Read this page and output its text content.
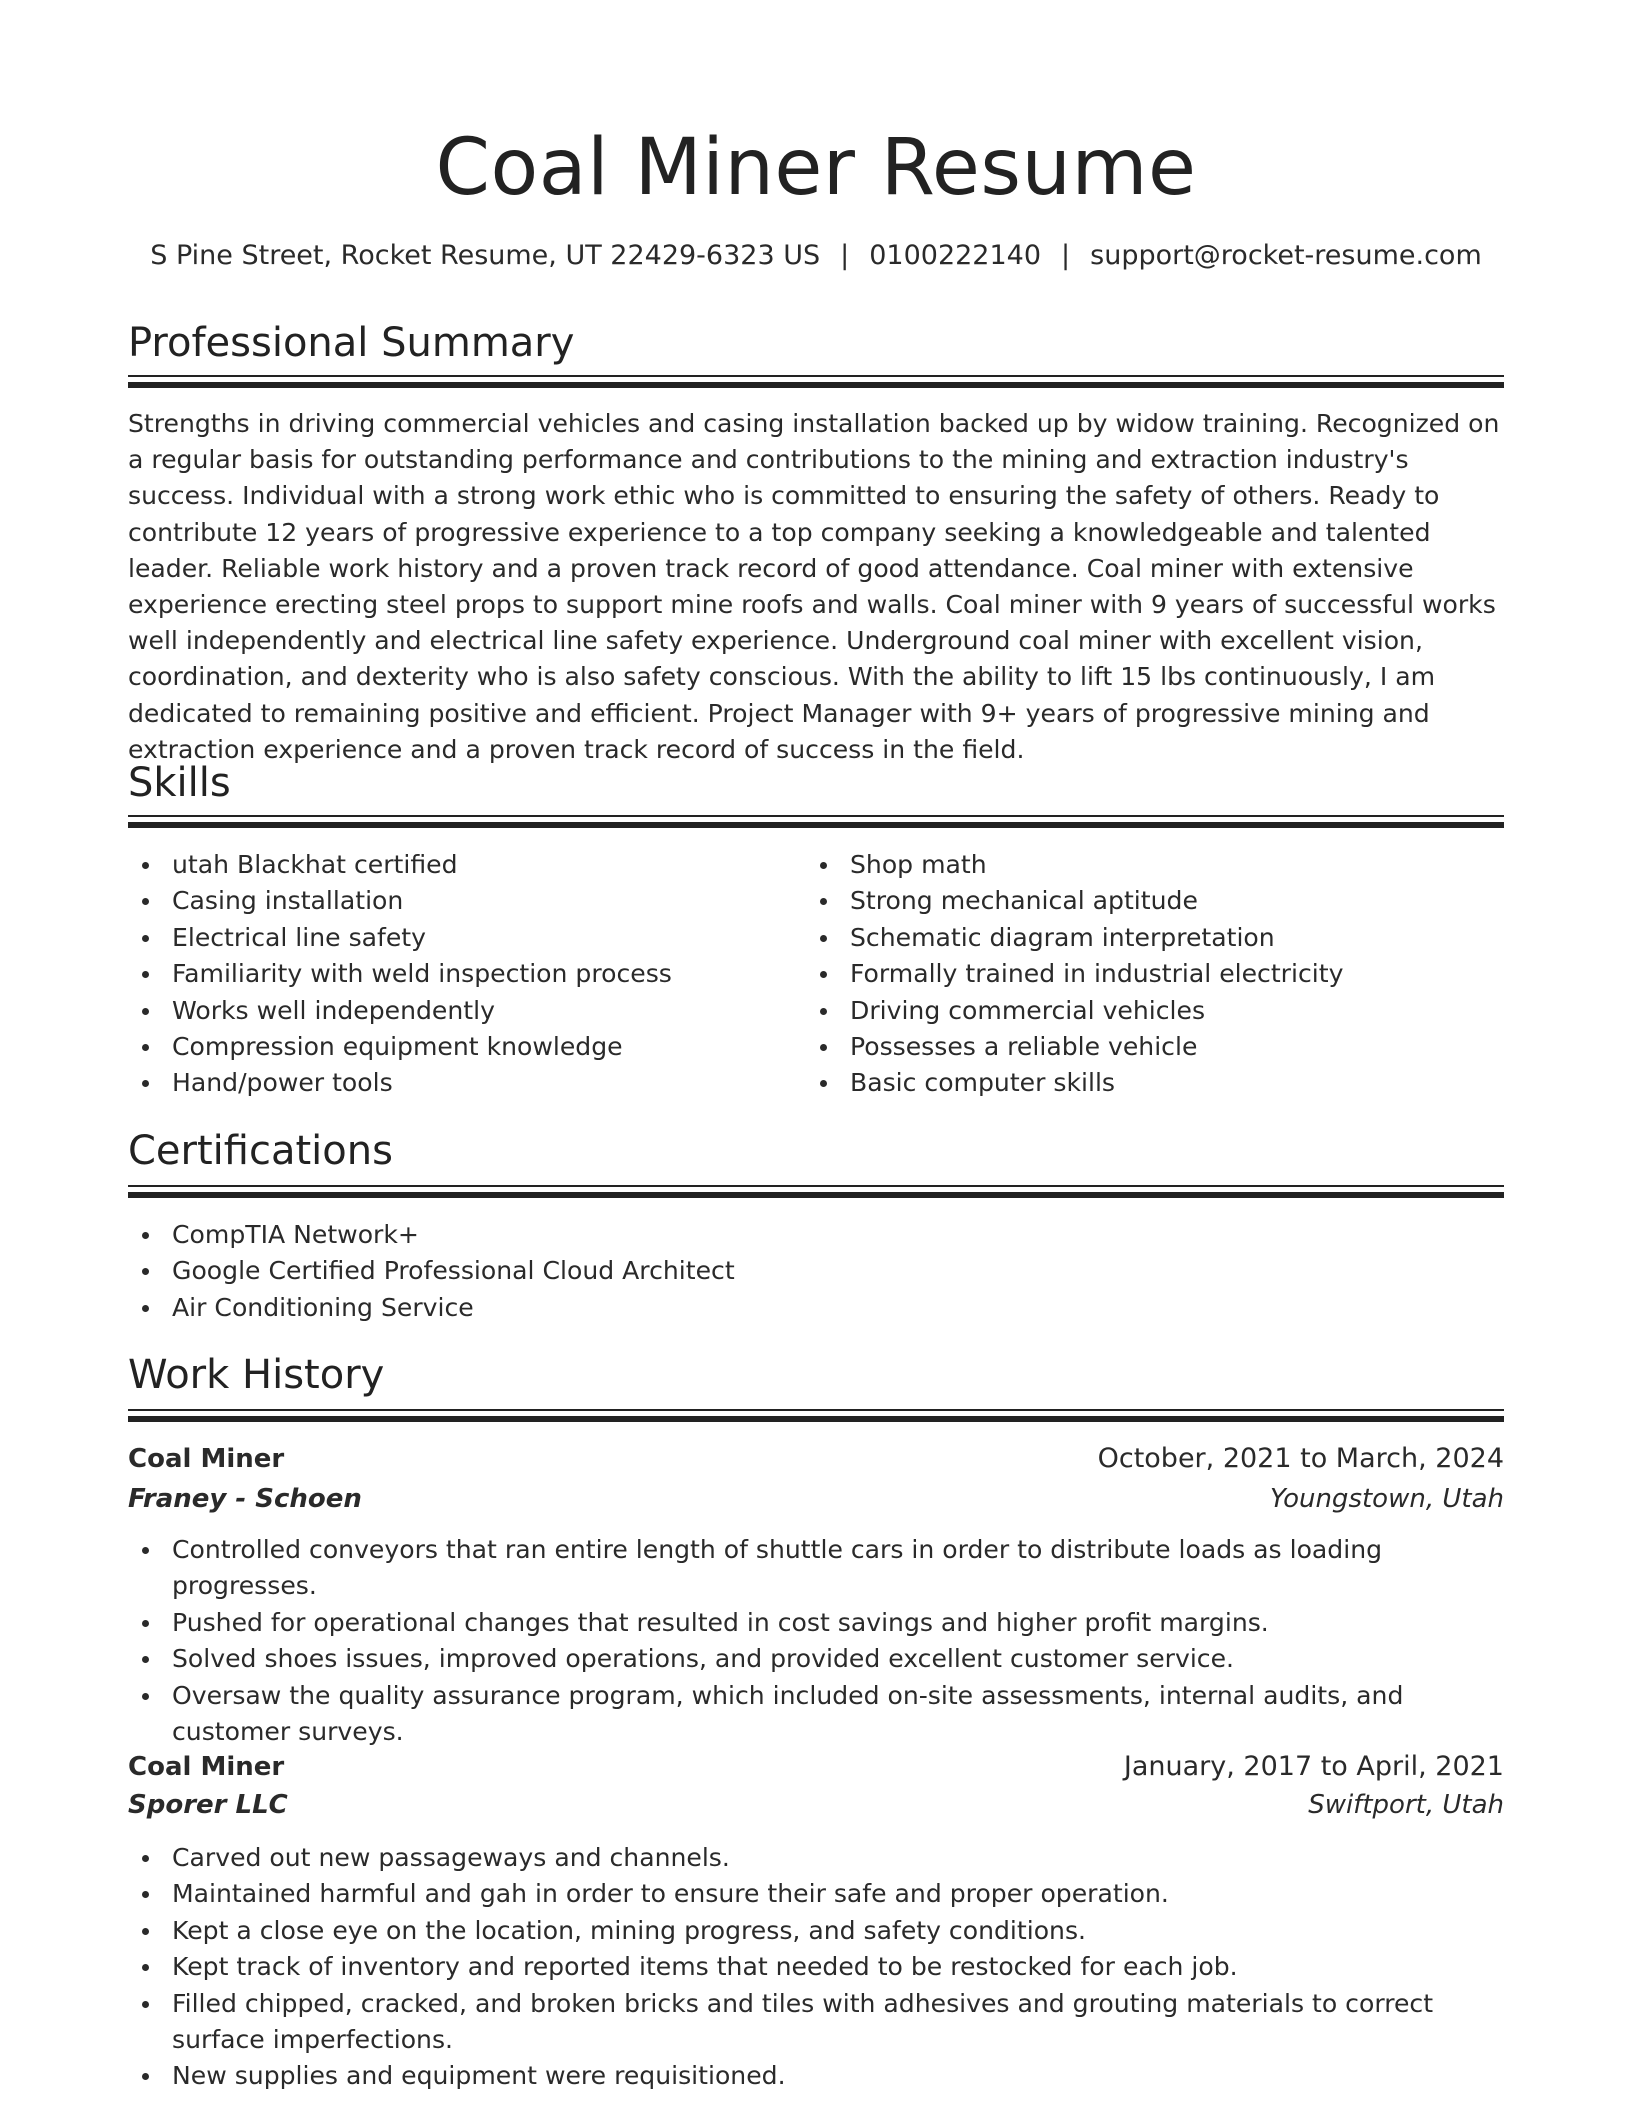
Coal Miner Resume
S Pine Street, Rocket Resume, UT 22429-6323 US | 0100222140 | support@rocket-resume.com
Professional Summary

Strengths in driving commercial vehicles and casing installation backed up by widow training. Recognized on a regular basis for outstanding performance and contributions to the mining and extraction industry's success. Individual with a strong work ethic who is committed to ensuring the safety of others. Ready to contribute 12 years of progressive experience to a top company seeking a knowledgeable and talented leader. Reliable work history and a proven track record of good attendance. Coal miner with extensive experience erecting steel props to support mine roofs and walls. Coal miner with 9 years of successful works well independently and electrical line safety experience. Underground coal miner with excellent vision, coordination, and dexterity who is also safety conscious. With the ability to lift 15 lbs continuously, I am dedicated to remaining positive and efficient. Project Manager with 9+ years of progressive mining and extraction experience and a proven track record of success in the field.

Skills
utah Blackhat certified
Casing installation
Electrical line safety
Familiarity with weld inspection process
Works well independently
Compression equipment knowledge
Hand/power tools
Shop math
Strong mechanical aptitude
Schematic diagram interpretation
Formally trained in industrial electricity
Driving commercial vehicles
Possesses a reliable vehicle
Basic computer skills
Certifications
CompTIA Network+
Google Certified Professional Cloud Architect
Air Conditioning Service
Work History
Coal Miner	October, 2021 to March, 2024
Franey - Schoen	Youngstown, Utah
Controlled conveyors that ran entire length of shuttle cars in order to distribute loads as loading progresses.
Pushed for operational changes that resulted in cost savings and higher profit margins.
Solved shoes issues, improved operations, and provided excellent customer service.
Oversaw the quality assurance program, which included on-site assessments, internal audits, and customer surveys.
Coal Miner	January, 2017 to April, 2021
Sporer LLC	Swiftport, Utah
Carved out new passageways and channels.
Maintained harmful and gah in order to ensure their safe and proper operation.
Kept a close eye on the location, mining progress, and safety conditions.
Kept track of inventory and reported items that needed to be restocked for each job.
Filled chipped, cracked, and broken bricks and tiles with adhesives and grouting materials to correct surface imperfections.
New supplies and equipment were requisitioned.
